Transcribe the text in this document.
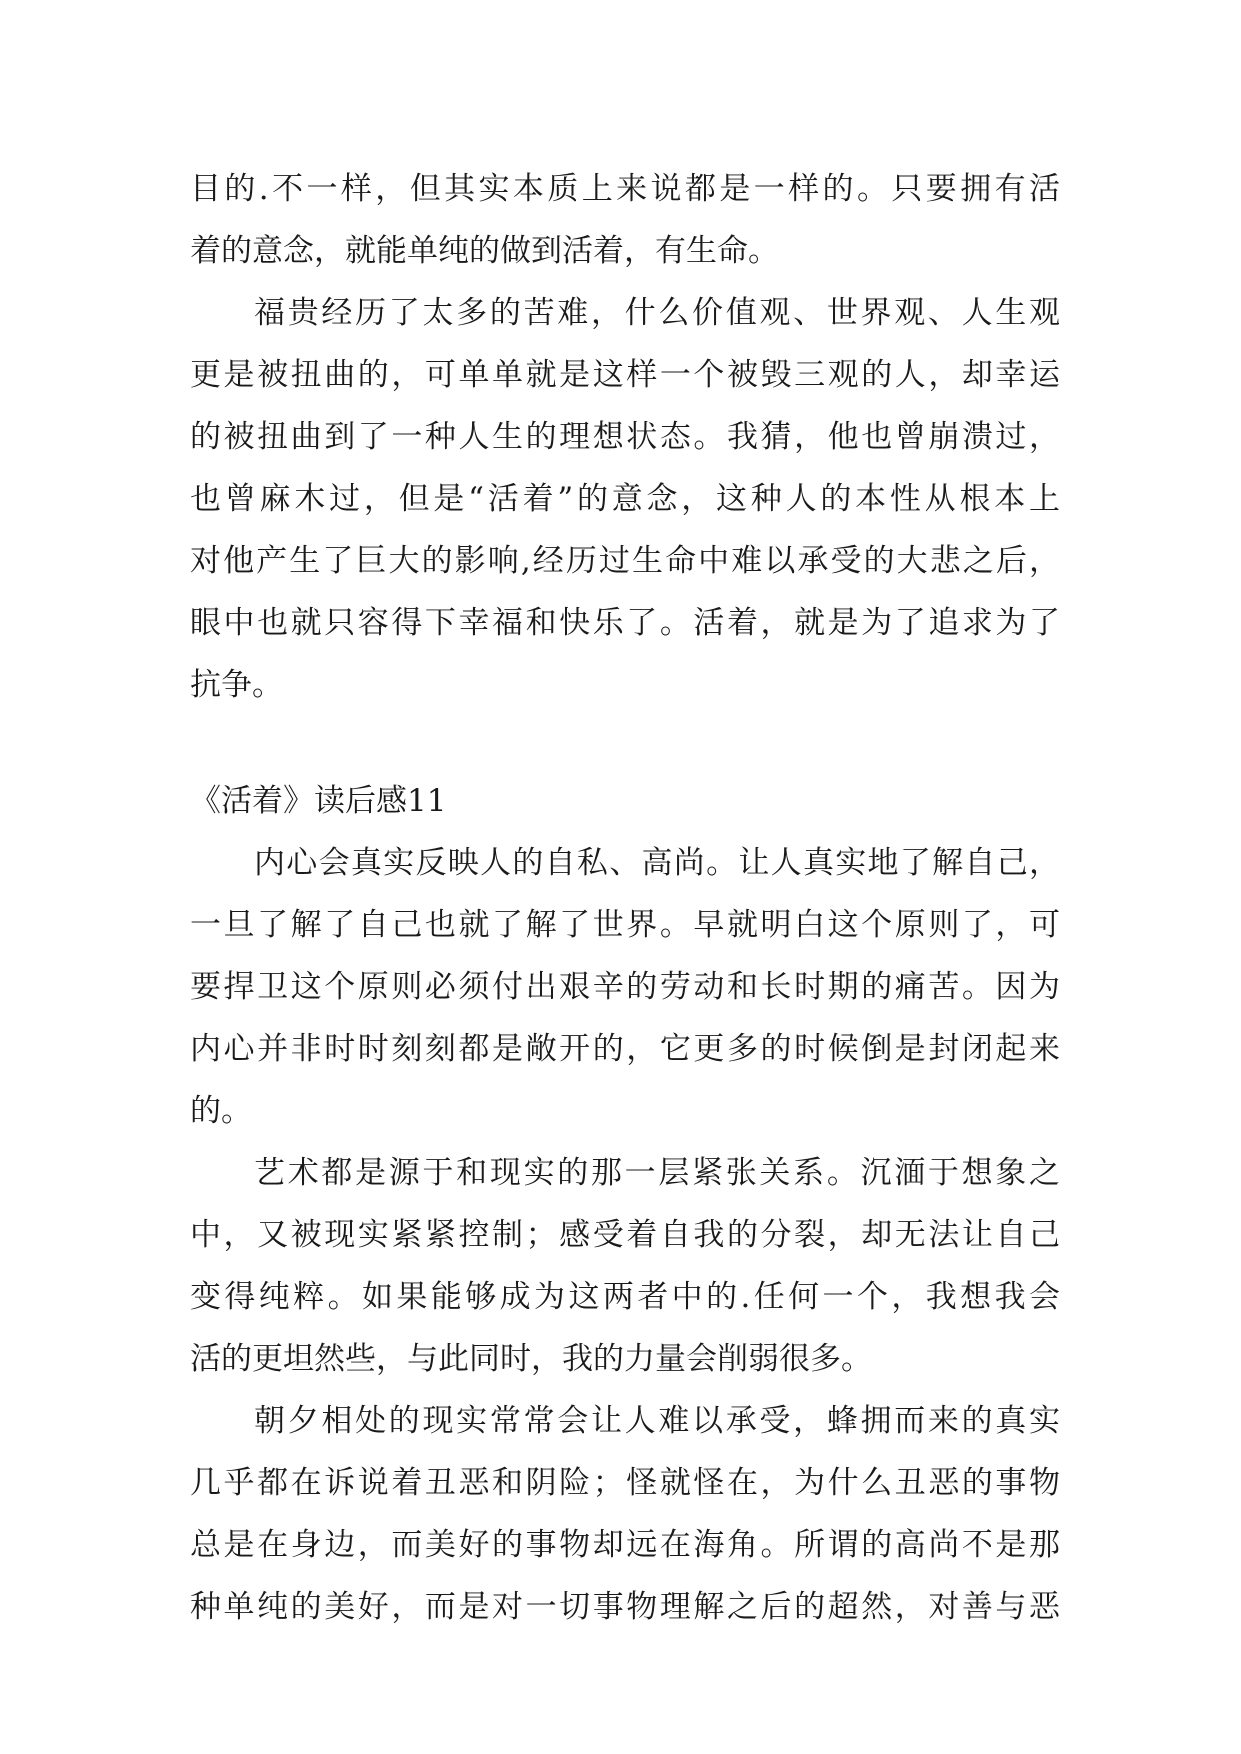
目的.不一样，但其实本质上来说都是一样的。只要拥有活
着的意念，就能单纯的做到活着，有生命。
福贵经历了太多的苦难，什么价值观、世界观、人生观
更是被扭曲的，可单单就是这样一个被毁三观的人，却幸运
的被扭曲到了一种人生的理想状态。我猜，他也曾崩溃过，
也曾麻木过，但是“活着”的意念，这种人的本性从根本上
对他产生了巨大的影响,经历过生命中难以承受的大悲之后，
眼中也就只容得下幸福和快乐了。活着，就是为了追求为了
抗争。
《活着》读后感11
内心会真实反映人的自私、高尚。让人真实地了解自己，
一旦了解了自己也就了解了世界。早就明白这个原则了，可
要捍卫这个原则必须付出艰辛的劳动和长时期的痛苦。因为
内心并非时时刻刻都是敞开的，它更多的时候倒是封闭起来
的。
艺术都是源于和现实的那一层紧张关系。沉湎于想象之
中，又被现实紧紧控制；感受着自我的分裂，却无法让自己
变得纯粹。如果能够成为这两者中的.任何一个，我想我会
活的更坦然些，与此同时，我的力量会削弱很多。
朝夕相处的现实常常会让人难以承受，蜂拥而来的真实
几乎都在诉说着丑恶和阴险；怪就怪在，为什么丑恶的事物
总是在身边，而美好的事物却远在海角。所谓的高尚不是那
种单纯的美好，而是对一切事物理解之后的超然，对善与恶
